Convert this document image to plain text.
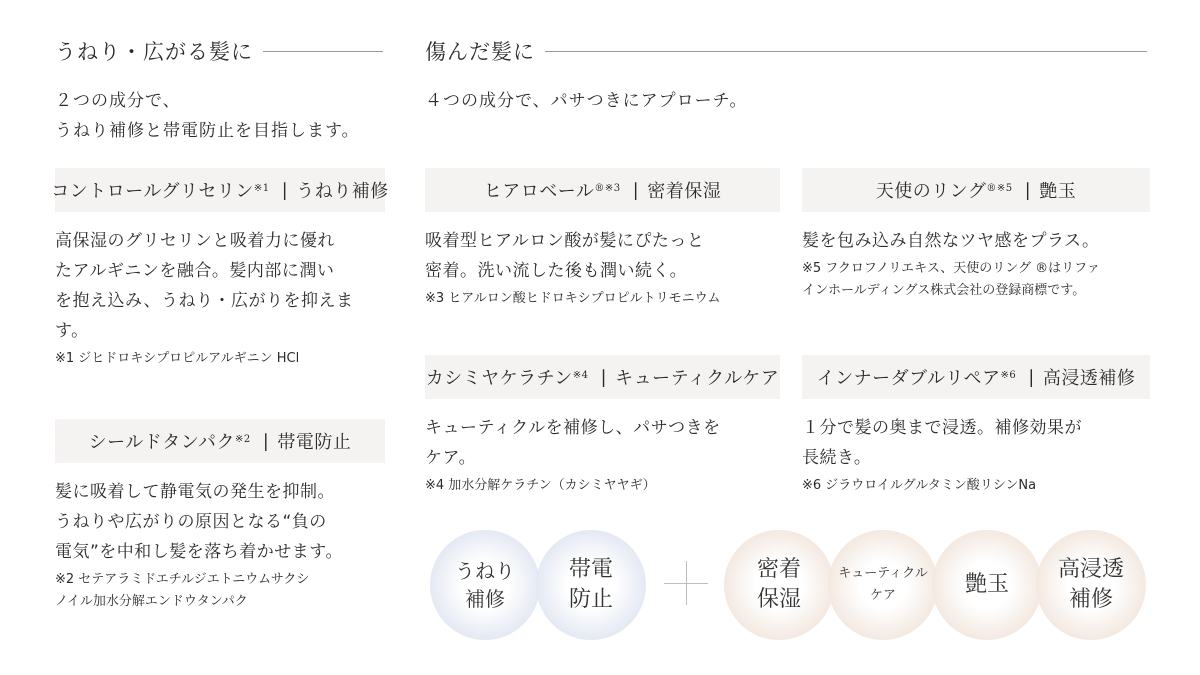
うねり・広がる髪に	傷んだ髪に
２つの成分で、
うねり補修と帯電防止を目指します。
４つの成分で、パサつきにアプローチ。
コントロールグリセリン$^{※1}$ | うねり補修
高保湿のグリセリンと吸着力に優れ
たアルギニンを融合。髪内部に潤い
を抱え込み、うねり・広がりを抑えま
す。
※1 ジヒドロキシプロピルアルギニン HCl
シールドタンパク$^{※2}$ | 帯電防止
髪に吸着して静電気の発生を抑制。
うねりや広がりの原因となる“負の
電気”を中和し髪を落ち着かせます。
※2 セテアラミドエチルジエトニウムサクシ
ノイル加水分解エンドウタンパク
ヒアロベール$^{®※3}$ | 密着保湿
吸着型ヒアルロン酸が髪にぴたっと
密着。洗い流した後も潤い続く。
※3 ヒアルロン酸ヒドロキシプロピルトリモニウム
天使のリング$^{®※5}$ | 艶玉
髪を包み込み自然なツヤ感をプラス。
※5 フクロフノリエキス、天使のリング ®はリファ
インホールディングス株式会社の登録商標です。
カシミヤケラチン$^{※4}$ | キューティクルケア
キューティクルを補修し、パサつきを
ケア。
※4 加水分解ケラチン（カシミヤヤギ）
インナーダブルリペア$^{※6}$ | 高浸透補修
１分で髪の奥まで浸透。補修効果が
長続き。
※6 ジラウロイルグルタミン酸リシンNa
うねり
補修
帯電
防止
密着
保湿
キューティクル
ケア	艶玉
高浸透
補修
